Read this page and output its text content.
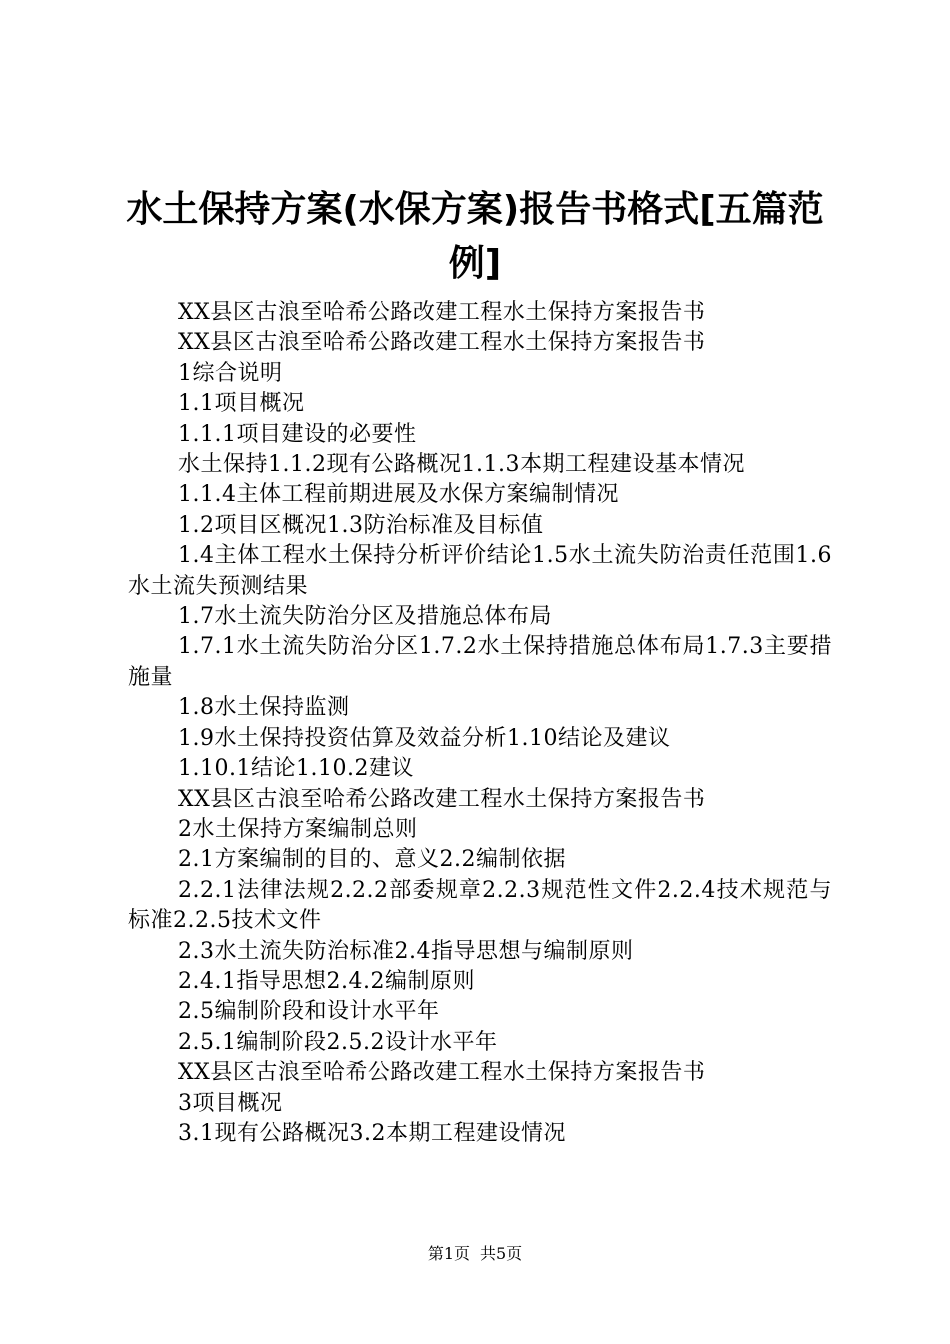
水土保持方案(水保方案)报告书格式[五篇范例]

XX县区古浪至哈希公路改建工程水土保持方案报告书

XX县区古浪至哈希公路改建工程水土保持方案报告书

1综合说明

1.1项目概况

1.1.1项目建设的必要性

水土保持1.1.2现有公路概况1.1.3本期工程建设基本情况

1.1.4主体工程前期进展及水保方案编制情况

1.2项目区概况1.3防治标准及目标值

1.4主体工程水土保持分析评价结论1.5水土流失防治责任范围1.6水土流失预测结果

1.7水土流失防治分区及措施总体布局

1.7.1水土流失防治分区1.7.2水土保持措施总体布局1.7.3主要措施量

1.8水土保持监测

1.9水土保持投资估算及效益分析1.10结论及建议

1.10.1结论1.10.2建议

XX县区古浪至哈希公路改建工程水土保持方案报告书

2水土保持方案编制总则

2.1方案编制的目的、意义2.2编制依据

2.2.1法律法规2.2.2部委规章2.2.3规范性文件2.2.4技术规范与标准2.2.5技术文件

2.3水土流失防治标准2.4指导思想与编制原则

2.4.1指导思想2.4.2编制原则

2.5编制阶段和设计水平年

2.5.1编制阶段2.5.2设计水平年

XX县区古浪至哈希公路改建工程水土保持方案报告书

3项目概况

3.1现有公路概况3.2本期工程建设情况

第1页 共5页
